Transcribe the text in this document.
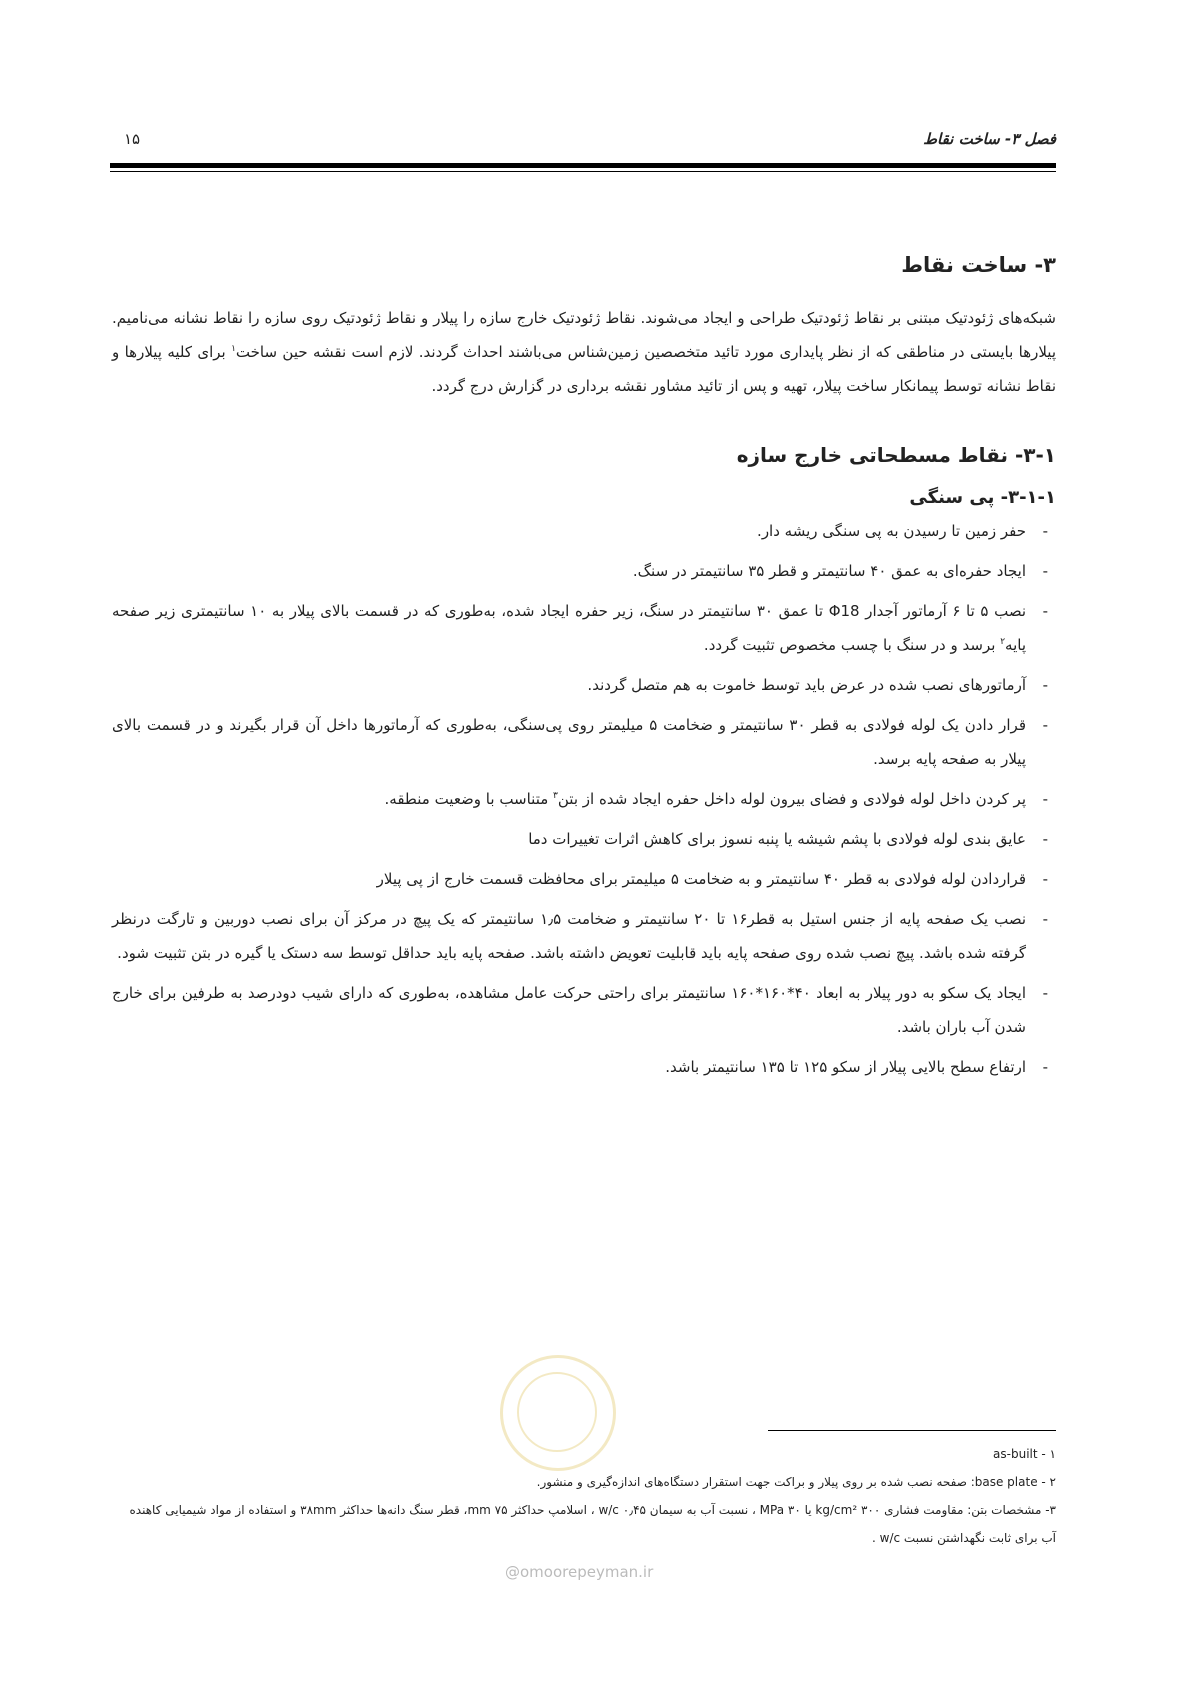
فصل ۳- ساخت نقاط
۱۵
۳- ساخت نقاط

شبکه‌های ژئودتیک مبتنی بر نقاط ژئودتیک طراحی و ایجاد می‌شوند. نقاط ژئودتیک خارج سازه را پیلار و نقاط ژئودتیک روی سازه را نقاط نشانه می‌نامیم. پیلارها بایستی در مناطقی که از نظر پایداری مورد تائید متخصصین زمین‌شناس می‌باشند احداث گردند. لازم است نقشه حین ساخت$^۱$ برای کلیه پیلارها و نقاط نشانه توسط پیمانکار ساخت پیلار، تهیه و پس از تائید مشاور نقشه برداری در گزارش درج گردد.

۳-۱- نقاط مسطحاتی خارج سازه
۳-۱-۱- پی سنگی
-
حفر زمین تا رسیدن به پی سنگی ریشه دار.
-
ایجاد حفره‌ای به عمق ۴۰ سانتیمتر و قطر ۳۵ سانتیمتر در سنگ.
-
نصب ۵ تا ۶ آرماتور آجدار Φ18 تا عمق ۳۰ سانتیمتر در سنگ، زیر حفره ایجاد شده، به‌طوری که در قسمت بالای پیلار به ۱۰ سانتیمتری زیر صفحه پایه$^۲$ برسد و در سنگ با چسب مخصوص تثبیت گردد.
-
آرماتورهای نصب شده در عرض باید توسط خاموت به هم متصل گردند.
-
قرار دادن یک لوله فولادی به قطر ۳۰ سانتیمتر و ضخامت ۵ میلیمتر روی پی‌سنگی، به‌طوری که آرماتورها داخل آن قرار بگیرند و در قسمت بالای پیلار به صفحه پایه برسد.
-
پر کردن داخل لوله فولادی و فضای بیرون لوله داخل حفره ایجاد شده از بتن$^۳$ متناسب با وضعیت منطقه.
-
عایق بندی لوله فولادی با پشم شیشه یا پنبه نسوز برای کاهش اثرات تغییرات دما
-
قراردادن لوله فولادی به قطر ۴۰ سانتیمتر و به ضخامت ۵ میلیمتر برای محافظت قسمت خارج از پی پیلار
-
نصب یک صفحه پایه از جنس استیل به قطر۱۶ تا ۲۰ سانتیمتر و ضخامت ۱٫۵ سانتیمتر که یک پیچ در مرکز آن برای نصب دوربین و تارگت درنظر گرفته شده باشد. پیچ نصب شده روی صفحه پایه باید قابلیت تعویض داشته باشد. صفحه پایه باید حداقل توسط سه دستک یا گیره در بتن تثبیت شود.
-
ایجاد یک سکو به دور پیلار به ابعاد ۴۰*۱۶۰*۱۶۰ سانتیمتر برای راحتی حرکت عامل مشاهده، به‌طوری که دارای شیب دودرصد به طرفین برای خارج شدن آب باران باشد.
-
ارتفاع سطح بالایی پیلار از سکو ۱۲۵ تا ۱۳۵ سانتیمتر باشد.
۱ - as-built
۲ - base plate: صفحه نصب شده بر روی پیلار و براکت جهت استقرار دستگاه‌های اندازه‌گیری و منشور.
۳- مشخصات بتن: مقاومت فشاری ۳۰۰ kg/cm² یا ۳۰ MPa ، نسبت آب به سیمان w/c ۰٫۴۵ ، اسلامپ حداکثر ۷۵ mm، قطر سنگ دانه‌ها حداکثر ۳۸mm و استفاده از مواد شیمیایی کاهنده آب برای ثابت نگهداشتن نسبت w/c .
@omoorepeyman.ir
